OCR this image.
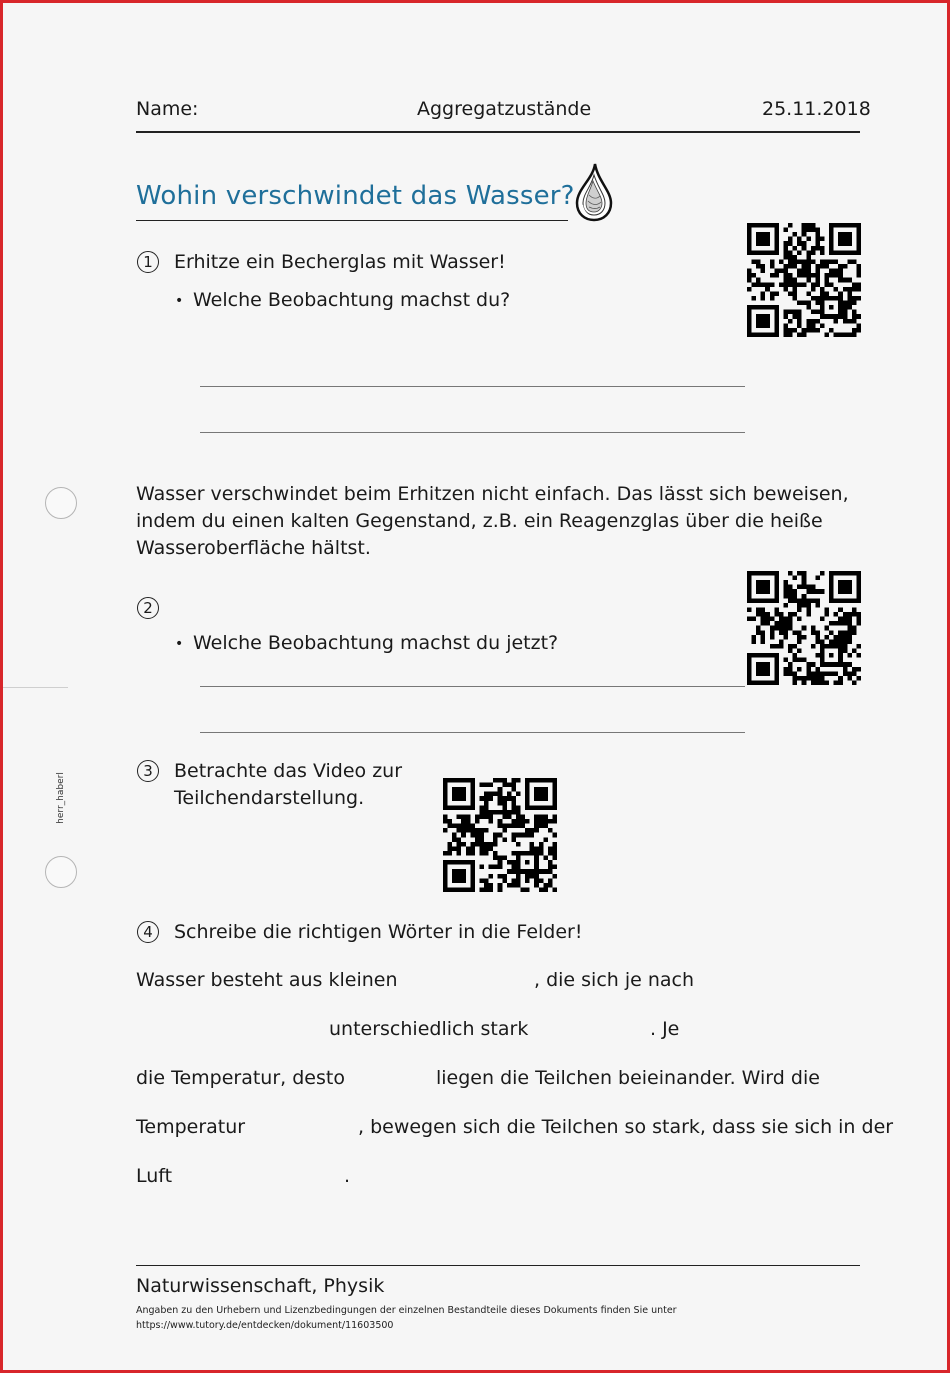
Name:	Aggregatzustände	25.11.2018
Wohin verschwindet das Wasser?
1	Erhitze ein Becherglas mit Wasser!
• Welche Beobachtung machst du?
Wasser verschwindet beim Erhitzen nicht einfach. Das lässt sich beweisen, indem du einen kalten Gegenstand, z.B. ein Reagenzglas über die heiße Wasseroberfläche hältst.
2
• Welche Beobachtung machst du jetzt?
3	Betrachte das Video zur
Teilchendarstellung.
4	Schreibe die richtigen Wörter in die Felder!
Wasser besteht aus kleinen	, die sich je nach
unterschiedlich stark	. Je
die Temperatur, desto	liegen die Teilchen beieinander. Wird die
Temperatur	, bewegen sich die Teilchen so stark, dass sie sich in der
Luft	.
herr_haberl
Naturwissenschaft, Physik
Angaben zu den Urhebern und Lizenzbedingungen der einzelnen Bestandteile dieses Dokuments finden Sie unter
https://www.tutory.de/entdecken/dokument/11603500
